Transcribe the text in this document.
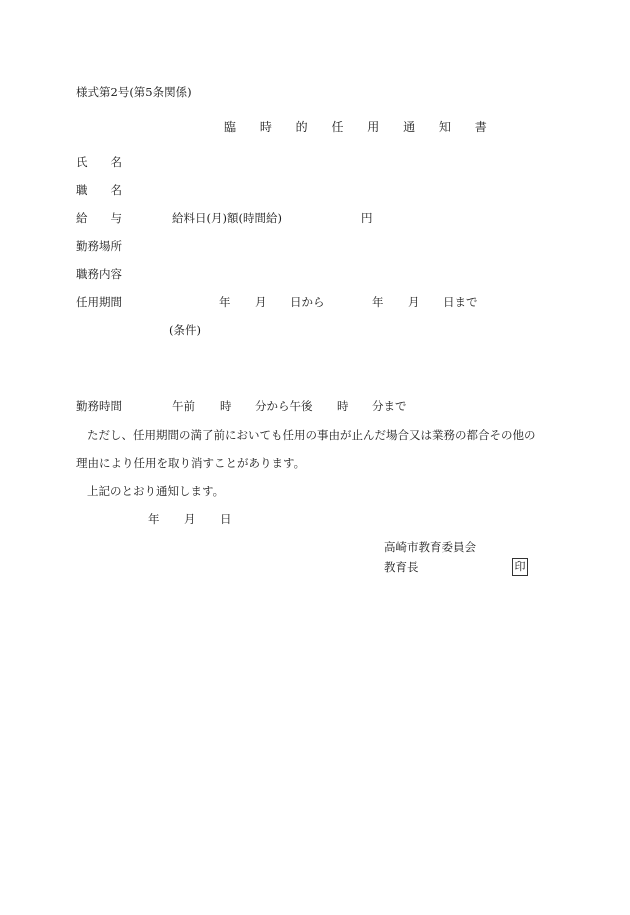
様式第2号(第5条関係)
臨 時 的 任 用 通 知 書
氏　　名
職　　名
給　　与	給料日(月)額(時間給)	円
勤務場所
職務内容
任用期間	年 月 日から	年 月 日まで
(条件)
勤務時間	午前 時 分から午後 時 分まで
ただし、任用期間の満了前においても任用の事由が止んだ場合又は業務の都合その他の
理由により任用を取り消すことがあります。
上記のとおり通知します。
年 月 日
高崎市教育委員会
教育長	印
